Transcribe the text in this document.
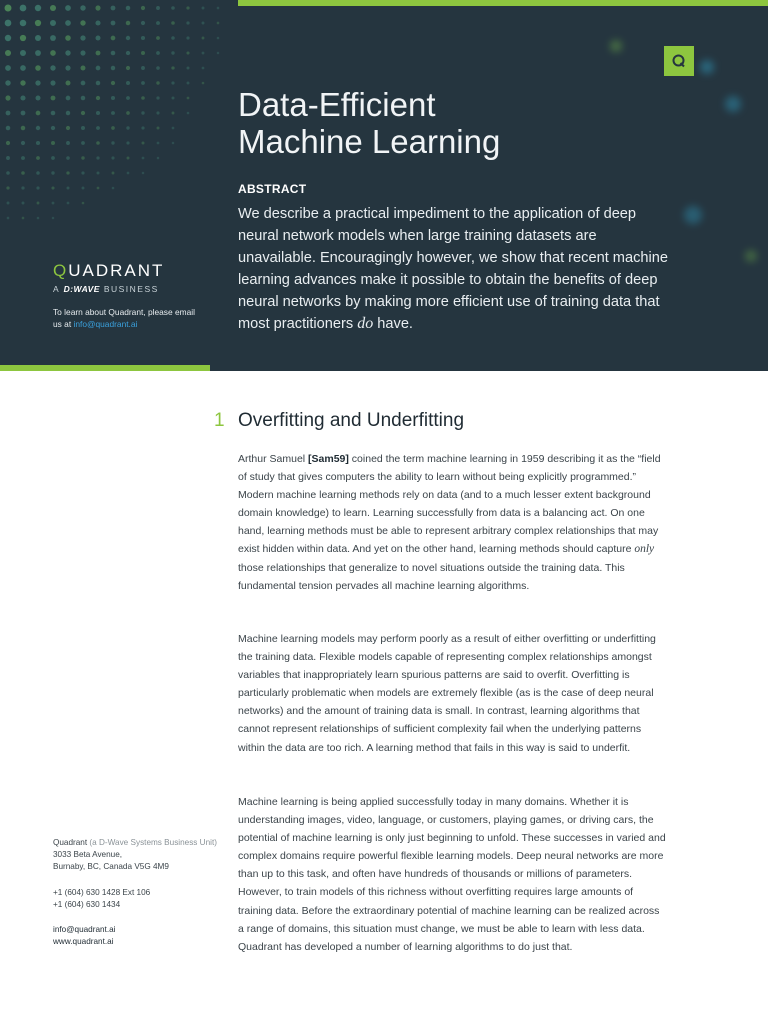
Data-Efficient
Machine Learning
ABSTRACT

We describe a practical impediment to the application of deep neural network models when large training datasets are unavailable. Encouragingly however, we show that recent machine learning advances make it possible to obtain the benefits of deep neural networks by making more efficient use of training data that most practitioners do have.

QUADRANT

A D:WAVE BUSINESS

To learn about Quadrant, please email us at info@quadrant.ai

1 Overfitting and Underfitting

Arthur Samuel [Sam59] coined the term machine learning in 1959 describing it as the “field of study that gives computers the ability to learn without being explicitly programmed.” Modern machine learning methods rely on data (and to a much lesser extent background domain knowledge) to learn. Learning successfully from data is a balancing act. On one hand, learning methods must be able to represent arbitrary complex relationships that may exist hidden within data. And yet on the other hand, learning methods should capture only those relationships that generalize to novel situations outside the training data. This fundamental tension pervades all machine learning algorithms.

Machine learning models may perform poorly as a result of either overfitting or underfitting the training data. Flexible models capable of representing complex relationships amongst variables that inappropriately learn spurious patterns are said to overfit. Overfitting is particularly problematic when models are extremely flexible (as is the case of deep neural networks) and the amount of training data is small. In contrast, learning algorithms that cannot represent relationships of sufficient complexity fail when the underlying patterns within the data are too rich. A learning method that fails in this way is said to underfit.

Machine learning is being applied successfully today in many domains. Whether it is understanding images, video, language, or customers, playing games, or driving cars, the potential of machine learning is only just beginning to unfold. These successes in varied and complex domains require powerful flexible learning models. Deep neural networks are more than up to this task, and often have hundreds of thousands or millions of parameters. However, to train models of this richness without overfitting requires large amounts of training data. Before the extraordinary potential of machine learning can be realized across a range of domains, this situation must change, we must be able to learn with less data. Quadrant has developed a number of learning algorithms to do just that.

Quadrant (a D-Wave Systems Business Unit)

3033 Beta Avenue,

Burnaby, BC, Canada V5G 4M9

+1 (604) 630 1428 Ext 106

+1 (604) 630 1434

info@quadrant.ai

www.quadrant.ai
